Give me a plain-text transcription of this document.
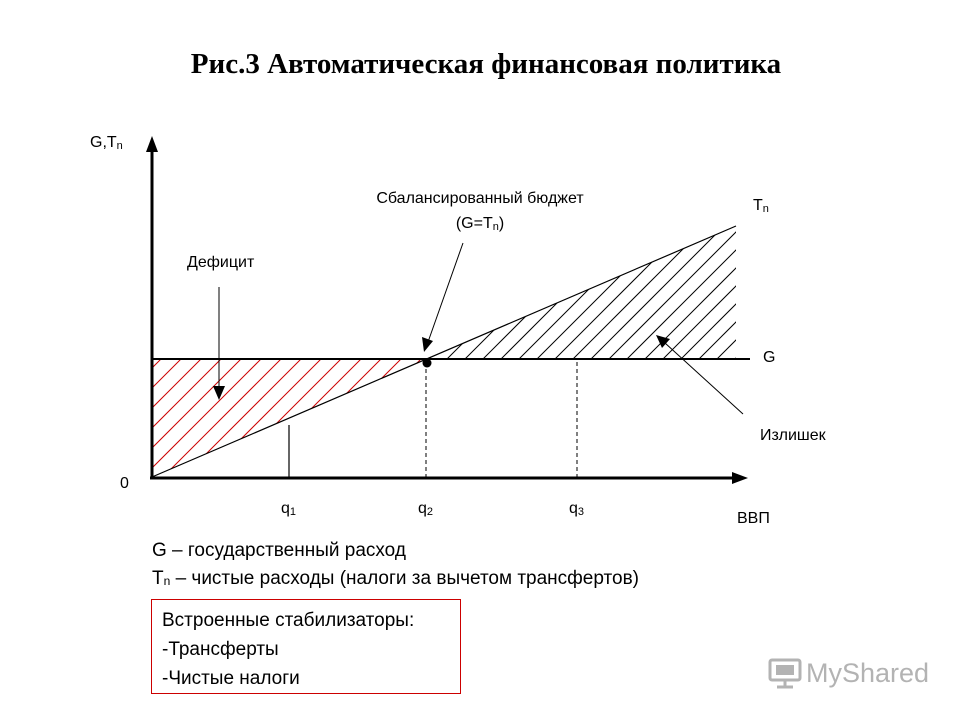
Рис.3 Автоматическая финансовая политика
G,Tn
0
ВВП
Tn
G
q1	q2	q3
Сбалансированный бюджет
(G=Tn)
Дефицит
Излишек
G – государственный расход
$T_n$ – чистые расходы (налоги за вычетом трансфертов)
Встроенные стабилизаторы:
-Трансферты
-Чистые налоги	MyShared
